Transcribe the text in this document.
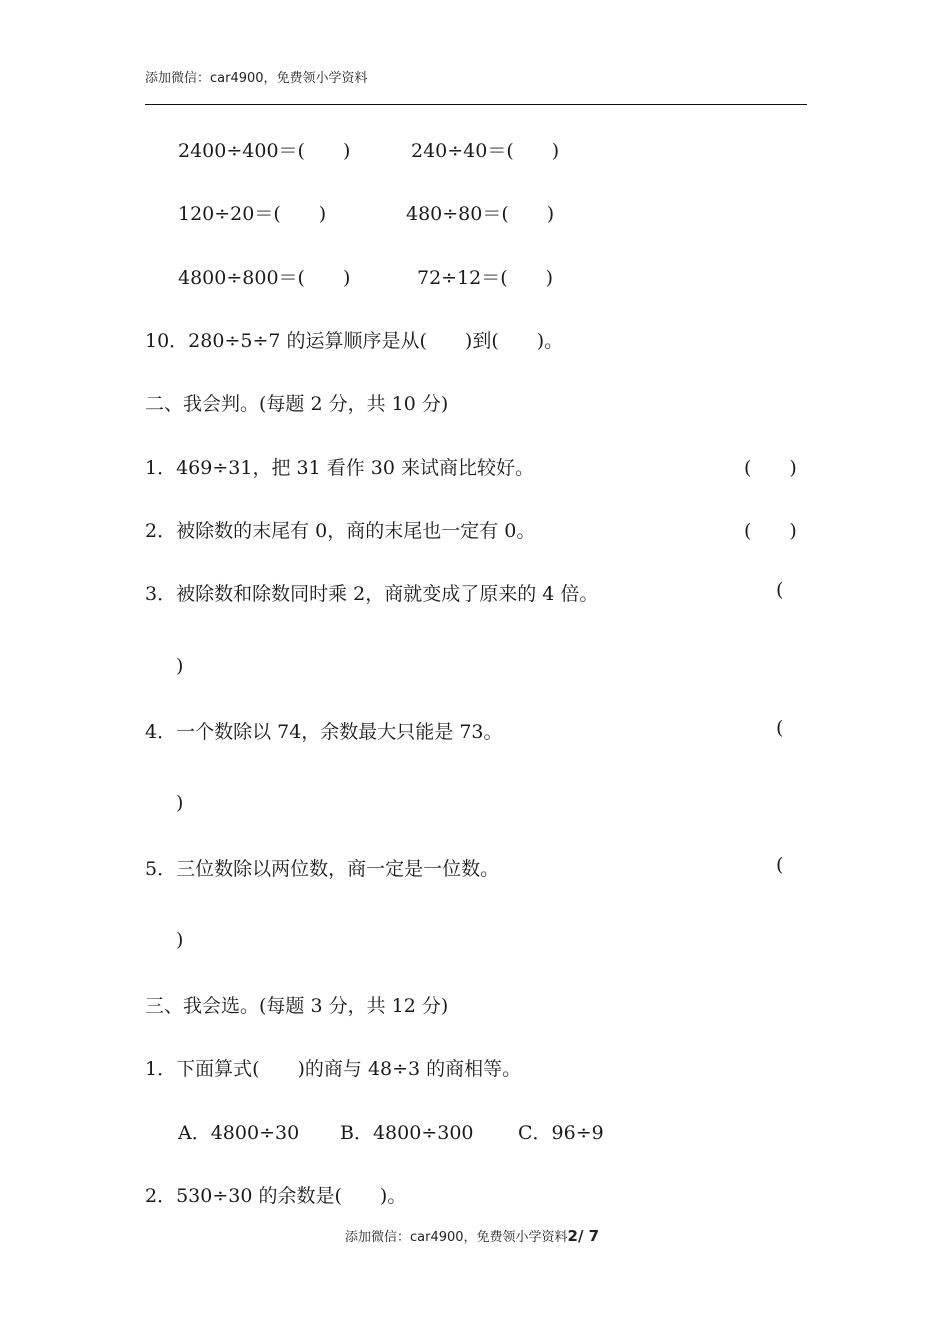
添加微信：car4900，免费领小学资料
2400÷400＝(　　)	240÷40＝(　　)
120÷20＝(　　)	480÷80＝(　　)
4800÷800＝(　　)	72÷12＝(　　)
10．280÷5÷7 的运算顺序是从(　　)到(　　)。
二、我会判。(每题 2 分，共 10 分)
1．469÷31，把 31 看作 30 来试商比较好。	(　　)
2．被除数的末尾有 0，商的末尾也一定有 0。	(　　)
3．被除数和除数同时乘 2，商就变成了原来的 4 倍。	(
)
4．一个数除以 74，余数最大只能是 73。	(
)
5．三位数除以两位数，商一定是一位数。	(
)
三、我会选。(每题 3 分，共 12 分)
1．下面算式(　　)的商与 48÷3 的商相等。
A．4800÷30 B．4800÷300 C．96÷9
2．530÷30 的余数是(　　)。
添加微信：car4900，免费领小学资料2/ 7
